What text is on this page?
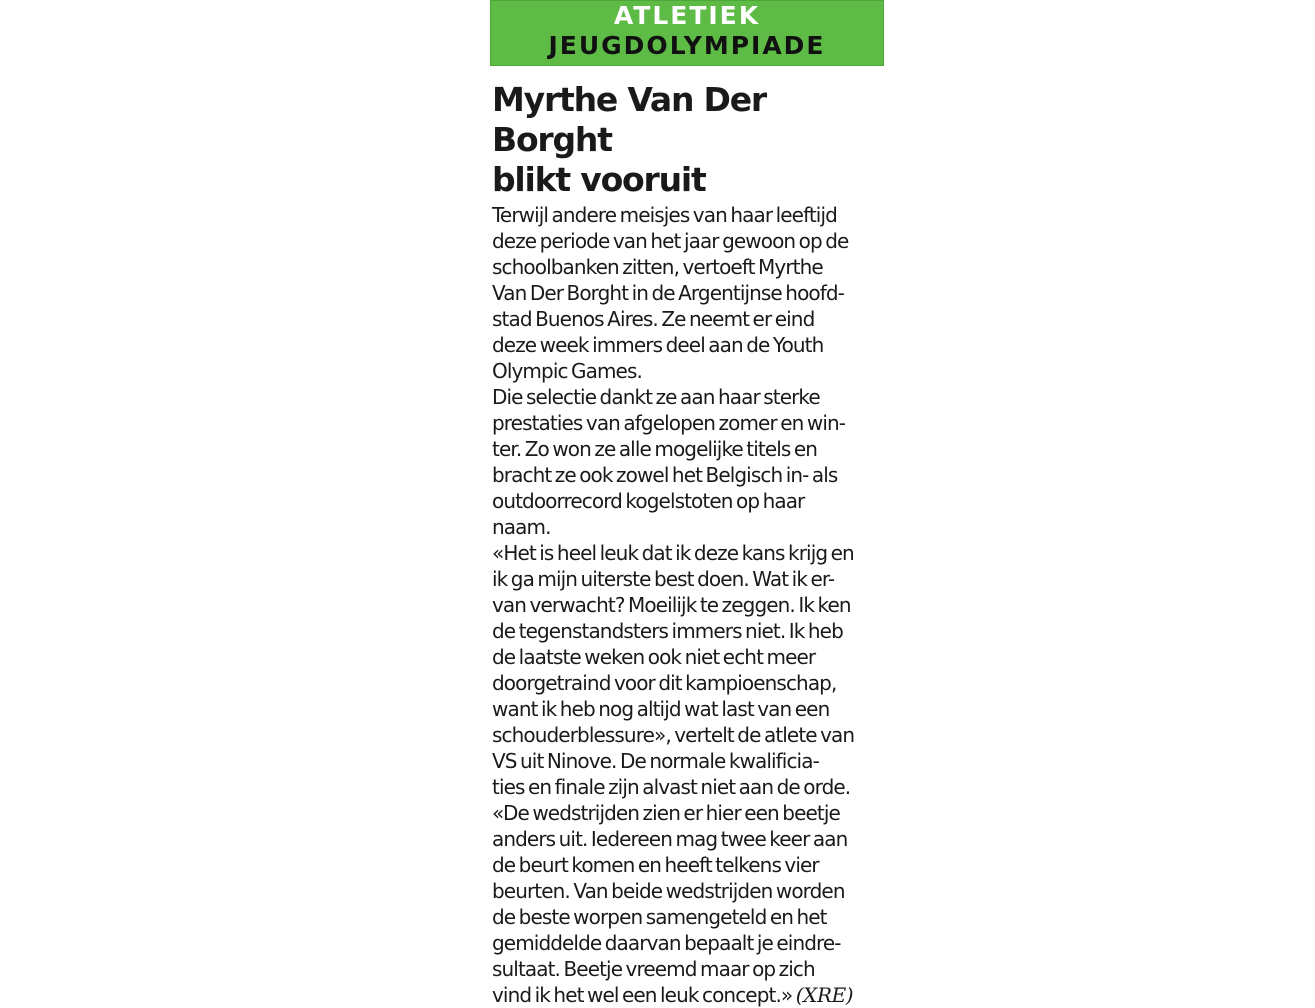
ATLETIEK
JEUGDOLYMPIADE
Myrthe Van Der Borght
blikt vooruit
Terwijl andere meisjes van haar leeftijd
deze periode van het jaar gewoon op de
schoolbanken zitten, vertoeft Myrthe
Van Der Borght in de Argentijnse hoofd-
stad Buenos Aires. Ze neemt er eind
deze week immers deel aan de Youth
Olympic Games.
Die selectie dankt ze aan haar sterke
prestaties van afgelopen zomer en win-
ter. Zo won ze alle mogelijke titels en
bracht ze ook zowel het Belgisch in- als
outdoorrecord kogelstoten op haar
naam.
«Het is heel leuk dat ik deze kans krijg en
ik ga mijn uiterste best doen. Wat ik er-
van verwacht? Moeilijk te zeggen. Ik ken
de tegenstandsters immers niet. Ik heb
de laatste weken ook niet echt meer
doorgetraind voor dit kampioenschap,
want ik heb nog altijd wat last van een
schouderblessure», vertelt de atlete van
VS uit Ninove. De normale kwalificia-
ties en finale zijn alvast niet aan de orde.
«De wedstrijden zien er hier een beetje
anders uit. Iedereen mag twee keer aan
de beurt komen en heeft telkens vier
beurten. Van beide wedstrijden worden
de beste worpen samengeteld en het
gemiddelde daarvan bepaalt je eindre-
sultaat. Beetje vreemd maar op zich
vind ik het wel een leuk concept.» (XRE)
